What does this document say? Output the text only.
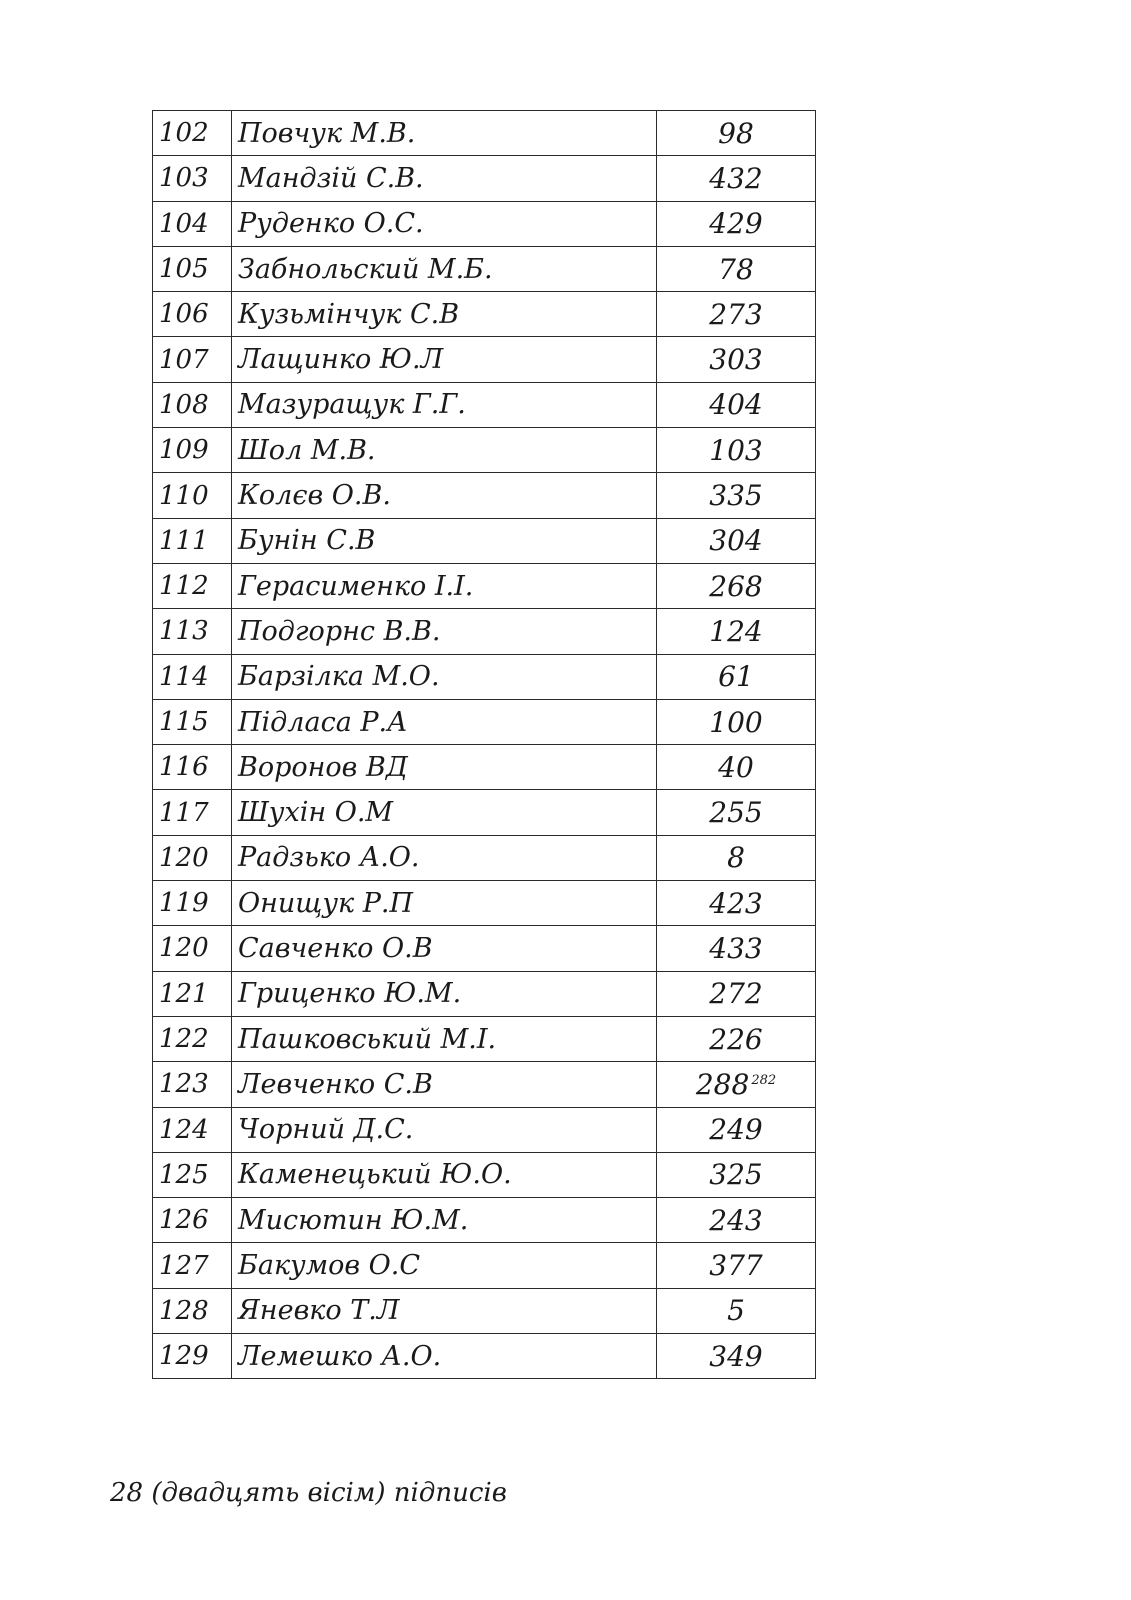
102	Повчук М.В.	98
103	Мандзій С.В.	432
104	Руденко О.С.	429
105	Забнольский М.Б.	78
106	Кузьмінчук С.В	273
107	Лащинко Ю.Л	303
108	Мазуращук Г.Г.	404
109	Шол М.В.	103
110	Колєв О.В.	335
111	Бунін С.В	304
112	Герасименко І.І.	268
113	Подгорнс В.В.	124
114	Барзілка М.О.	61
115	Підласа Р.А	100
116	Воронов ВД	40
117	Шухін О.М	255
120	Радзько А.О.	8
119	Онищук Р.П	423
120	Савченко О.В	433
121	Гриценко Ю.М.	272
122	Пашковський М.І.	226
123	Левченко С.В	288 $^{282}$
124	Чорний Д.С.	249
125	Каменецький Ю.О.	325
126	Мисютин Ю.М.	243
127	Бакумов О.С	377
128	Яневко Т.Л	5
129	Лемешко А.О.	349
28 (двадцять вісім) підписів
